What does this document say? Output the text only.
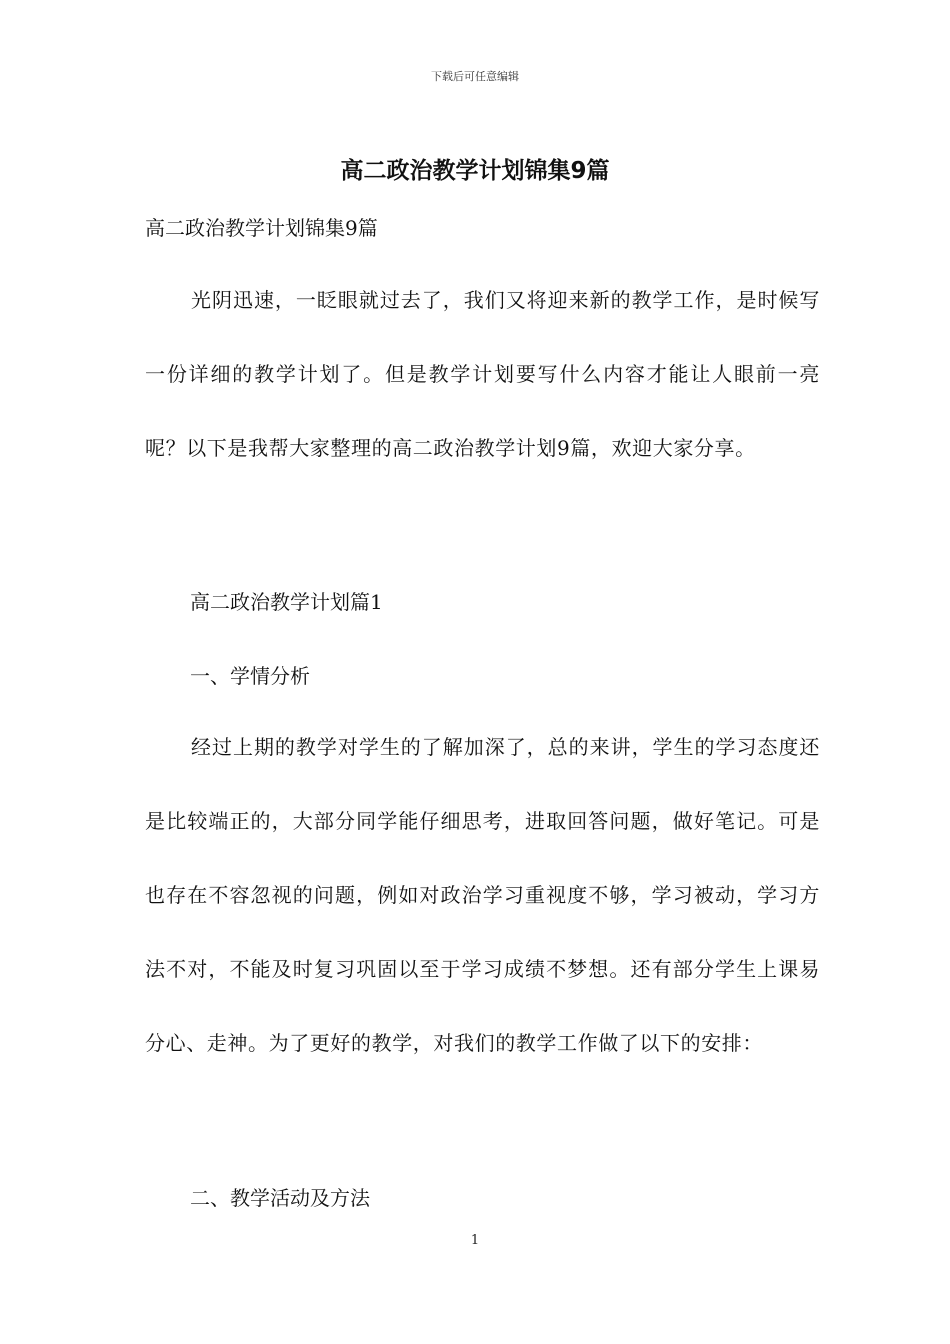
下载后可任意编辑
高二政治教学计划锦集9篇
高二政治教学计划锦集9篇
光阴迅速，一眨眼就过去了，我们又将迎来新的教学工作，是时候写一份详细的教学计划了。但是教学计划要写什么内容才能让人眼前一亮呢？以下是我帮大家整理的高二政治教学计划9篇，欢迎大家分享。
高二政治教学计划篇1
一、学情分析
经过上期的教学对学生的了解加深了，总的来讲，学生的学习态度还是比较端正的，大部分同学能仔细思考，进取回答问题，做好笔记。可是也存在不容忽视的问题，例如对政治学习重视度不够，学习被动，学习方法不对，不能及时复习巩固以至于学习成绩不梦想。还有部分学生上课易分心、走神。为了更好的教学，对我们的教学工作做了以下的安排：
二、教学活动及方法
1
